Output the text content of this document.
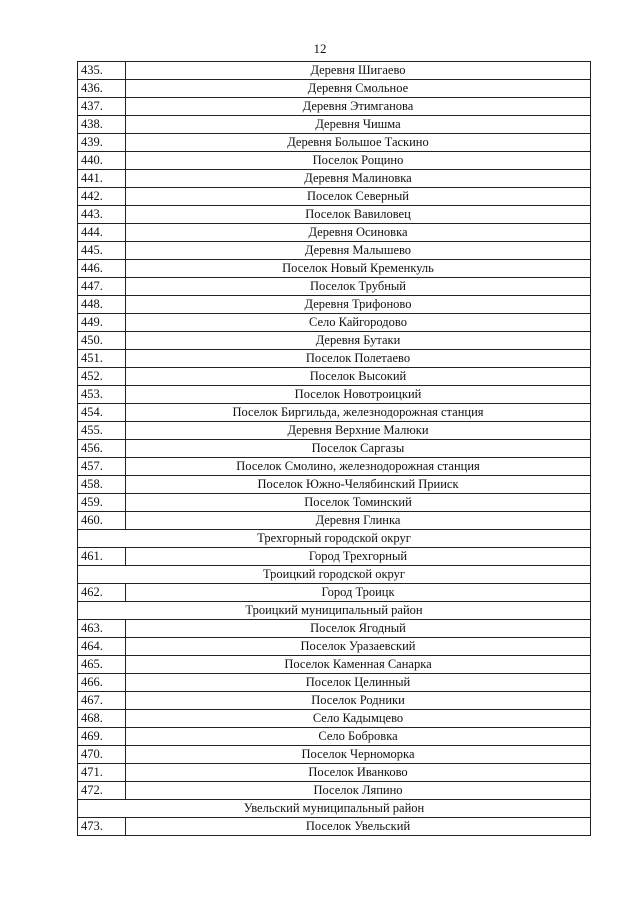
12
435.	Деревня Шигаево
436.	Деревня Смольное
437.	Деревня Этимганова
438.	Деревня Чишма
439.	Деревня Большое Таскино
440.	Поселок Рощино
441.	Деревня Малиновка
442.	Поселок Северный
443.	Поселок Вавиловец
444.	Деревня Осиновка
445.	Деревня Малышево
446.	Поселок Новый Кременкуль
447.	Поселок Трубный
448.	Деревня Трифоново
449.	Село Кайгородово
450.	Деревня Бутаки
451.	Поселок Полетаево
452.	Поселок Высокий
453.	Поселок Новотроицкий
454.	Поселок Биргильда, железнодорожная станция
455.	Деревня Верхние Малюки
456.	Поселок Саргазы
457.	Поселок Смолино, железнодорожная станция
458.	Поселок Южно-Челябинский Прииск
459.	Поселок Томинский
460.	Деревня Глинка
Трехгорный городской округ	
461.	Город Трехгорный
Троицкий городской округ	
462.	Город Троицк
Троицкий муниципальный район	
463.	Поселок Ягодный
464.	Поселок Уразаевский
465.	Поселок Каменная Санарка
466.	Поселок Целинный
467.	Поселок Родники
468.	Село Кадымцево
469.	Село Бобровка
470.	Поселок Черноморка
471.	Поселок Иванково
472.	Поселок Ляпино
Увельский муниципальный район	
473.	Поселок Увельский
